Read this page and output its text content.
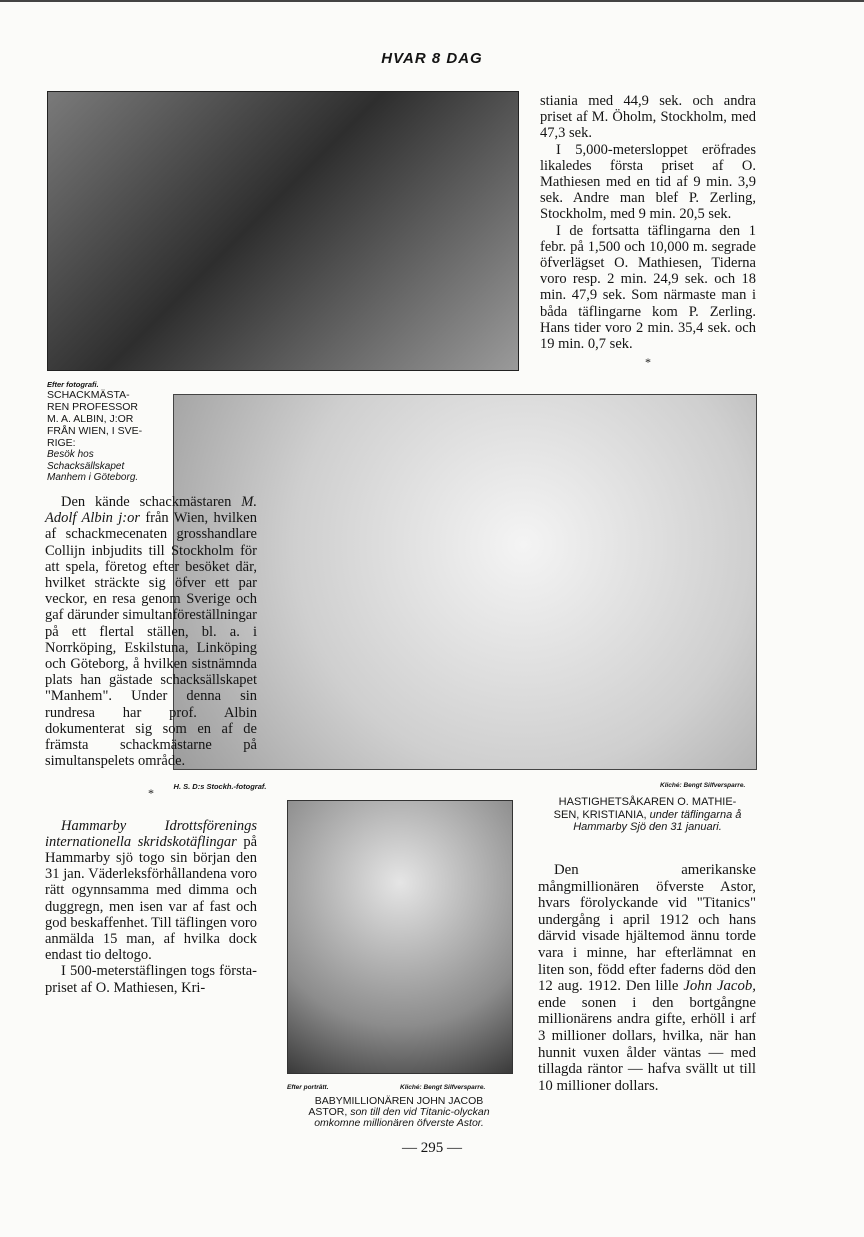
HVAR 8 DAG
Efter fotografi.
SCHACKMÄSTA-
REN PROFESSOR
M. A. ALBIN, J:OR
FRÅN WIEN, I SVE-
RIGE:
Besök hos Schacksällskapet Manhem i Göteborg.

stiania med 44,9 sek. och andra priset af M. Öholm, Stockholm, med 47,3 sek.

I 5,000-meterslоppet eröfrades likaledes första priset af O. Mathiesen med en tid af 9 min. 3,9 sek. Andre man blef P. Zerling, Stockholm, med 9 min. 20,5 sek.

I de fortsatta täflingarna den 1 febr. på 1,500 och 10,000 m. segrade öfverlägset O. Mathiesen, Tiderna voro resp. 2 min. 24,9 sek. och 18 min. 47,9 sek. Som närmaste man i båda täflingarne kom P. Zerling. Hans tider voro 2 min. 35,4 sek. och 19 min. 0,7 sek.

*
H. S. D:s Stockh.-fotograf.	Kliché: Bengt Silfversparre.
HASTIGHETSÅKAREN O. MATHIE-
SEN, KRISTIANIA, under täflingarna å Hammarby Sjö den 31 januari.

Den kände schackmästaren M. Adolf Albin j:or från Wien, hvilken af schackmecenaten grosshandlare Collijn inbjudits till Stockholm för att spela, företog efter besöket där, hvilket sträckte sig öfver ett par veckor, en resa genom Sverige och gaf därunder simultanföreställningar på ett flertal ställen, bl. a. i Norrköping, Eskilstuna, Linköping och Göteborg, å hvilken sistnämnda plats han gästade schacksällskapet "Manhem". Under denna sin rundresa har prof. Albin dokumenterat sig som en af de främsta schackmästarne på simultanspelets område.

*

Hammarby Idrottsförenings internationella skridskotäflingar på Hammarby sjö togo sin början den 31 jan. Väderleksförhållandena voro rätt ogynnsamma med dimma och duggregn, men isen var af fast och god beskaffenhet. Till täflingen voro anmälda 15 man, af hvilka dock endast tio deltogo.

I 500-meterstäflingen togs första-priset af O. Mathiesen, Kri-

Efter porträtt.	Kliché: Bengt Silfversparre.
BABYMILLIONÄREN JOHN JACOB
ASTOR, son till den vid Titanic-olyckan omkomne millionären öfverste Astor.

Den amerikanske mångmillionären öfverste Astor, hvars förolyckande vid "Titanics" undergång i april 1912 och hans därvid visade hjältemod ännu torde vara i minne, har efterlämnat en liten son, född efter faderns död den 12 aug. 1912. Den lille John Jacob, ende sonen i den bortgångne millionärens andra gifte, erhöll i arf 3 millioner dollars, hvilka, när han hunnit vuxen ålder väntas — med tillagda räntor — hafva svällt ut till 10 millioner dollars.

— 295 —
